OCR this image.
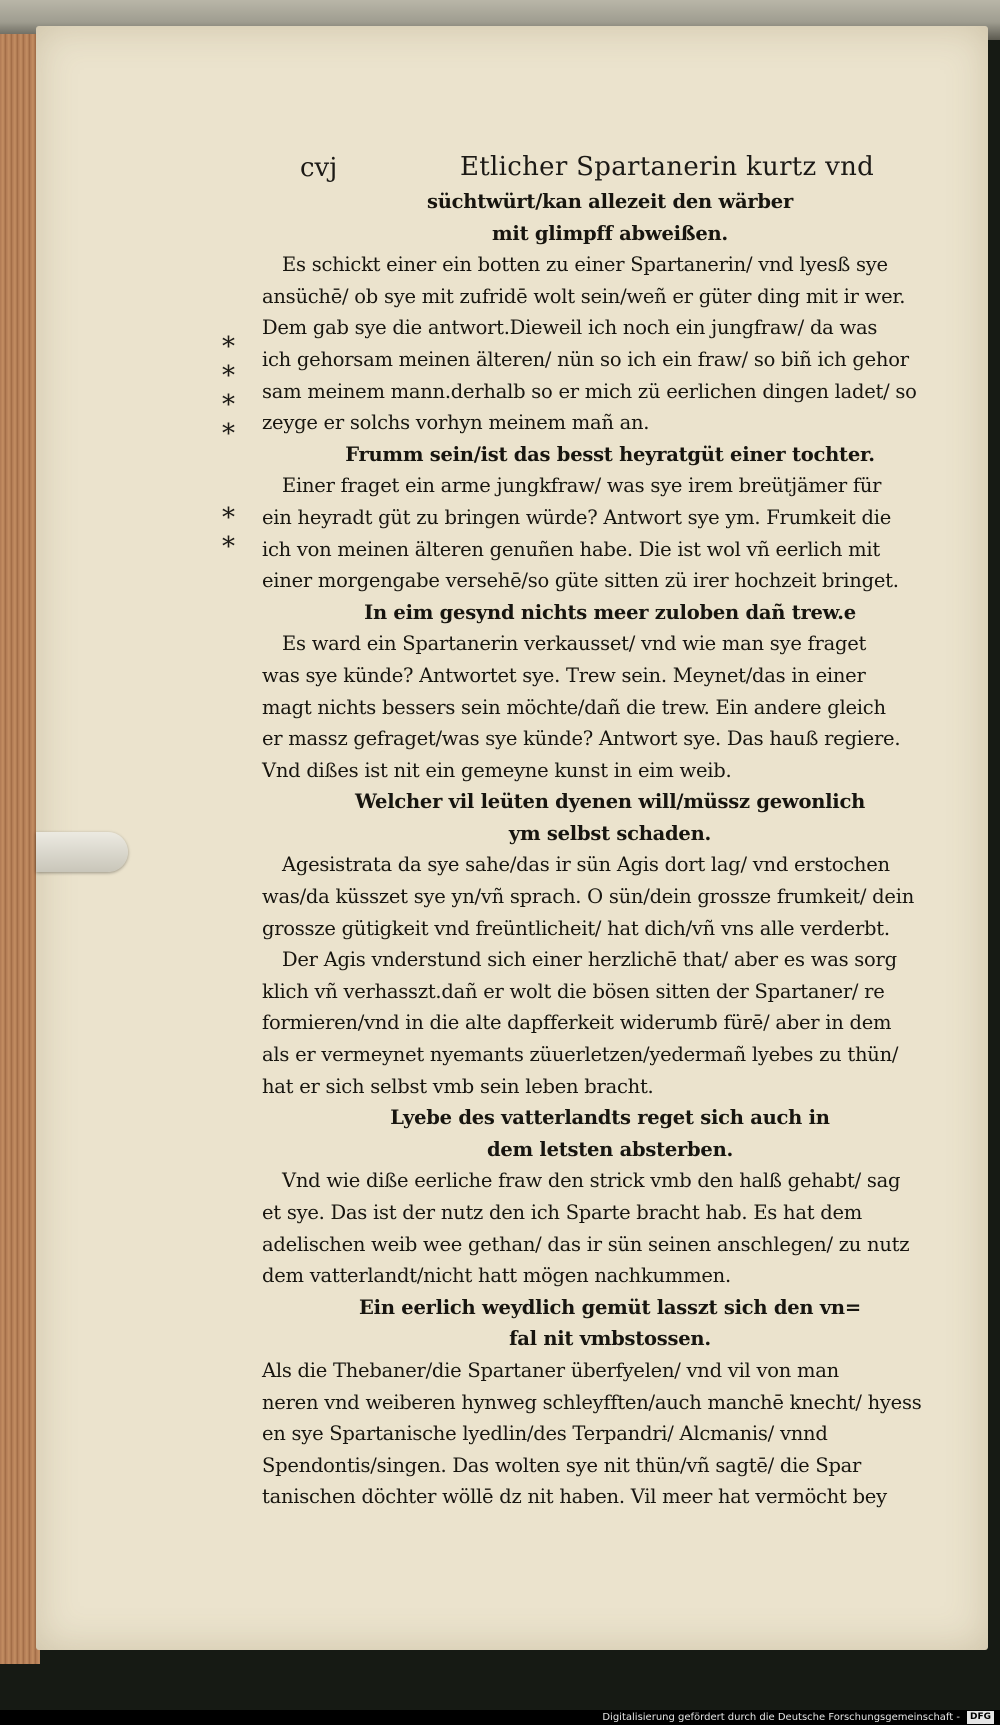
cvj	Etlicher Spartanerin kurtz vnd
*
*
*
*
*
*
süchtwürt/kan allezeit den wärber
mit glimpff abweißen.

Es schickt einer ein botten zu einer Spartanerin/ vnd lyesß sye
ansüchē/ ob sye mit zufridē wolt sein/weñ er güter ding mit ir wer.
Dem gab sye die antwort.Dieweil ich noch ein jungfraw/ da was
ich gehorsam meinen älteren/ nün so ich ein fraw/ so biñ ich gehor
sam meinem mann.derhalb so er mich zü eerlichen dingen ladet/ so
zeyge er solchs vorhyn meinem mañ an.

Frumm sein/ist das besst heyratgüt einer tochter.

Einer fraget ein arme jungkfraw/ was sye irem breütjämer für
ein heyradt güt zu bringen würde? Antwort sye ym. Frumkeit die
ich von meinen älteren genuñen habe. Die ist wol vñ eerlich mit
einer morgengabe versehē/so güte sitten zü irer hochzeit bringet.

In eim gesynd nichts meer zuloben dañ trew.e

Es ward ein Spartanerin verkausset/ vnd wie man sye fraget
was sye künde? Antwortet sye. Trew sein. Meynet/das in einer
magt nichts bessers sein möchte/dañ die trew. Ein andere gleich
er massz gefraget/was sye künde? Antwort sye. Das hauß regiere.
Vnd dißes ist nit ein gemeyne kunst in eim weib.

Welcher vil leüten dyenen will/müssz gewonlich
ym selbst schaden.

Agesistrata da sye sahe/das ir sün Agis dort lag/ vnd erstochen
was/da küsszet sye yn/vñ sprach. O sün/dein grossze frumkeit/ dein
grossze gütigkeit vnd freüntlicheit/ hat dich/vñ vns alle verderbt.
Der Agis vnderstund sich einer herzlichē that/ aber es was sorg
klich vñ verhasszt.dañ er wolt die bösen sitten der Spartaner/ re
formieren/vnd in die alte dapfferkeit widerumb fürē/ aber in dem
als er vermeynet nyemants züuerletzen/yedermañ lyebes zu thün/
hat er sich selbst vmb sein leben bracht.

Lyebe des vatterlandts reget sich auch in
dem letsten absterben.

Vnd wie diße eerliche fraw den strick vmb den halß gehabt/ sag
et sye. Das ist der nutz den ich Sparte bracht hab. Es hat dem
adelischen weib wee gethan/ das ir sün seinen anschlegen/ zu nutz
dem vatterlandt/nicht hatt mögen nachkummen.

Ein eerlich weydlich gemüt lasszt sich den vn=
fal nit vmbstossen.

Als die Thebaner/die Spartaner überfyelen/ vnd vil von man
neren vnd weiberen hynweg schleyfften/auch manchē knecht/ hyess
en sye Spartanische lyedlin/des Terpandri/ Alcmanis/ vnnd
Spendontis/singen. Das wolten sye nit thün/vñ sagtē/ die Spar
tanischen döchter wöllē dz nit haben. Vil meer hat vermöcht bey

Digitalisierung gefördert durch die Deutsche Forschungsgemeinschaft -	DFG
